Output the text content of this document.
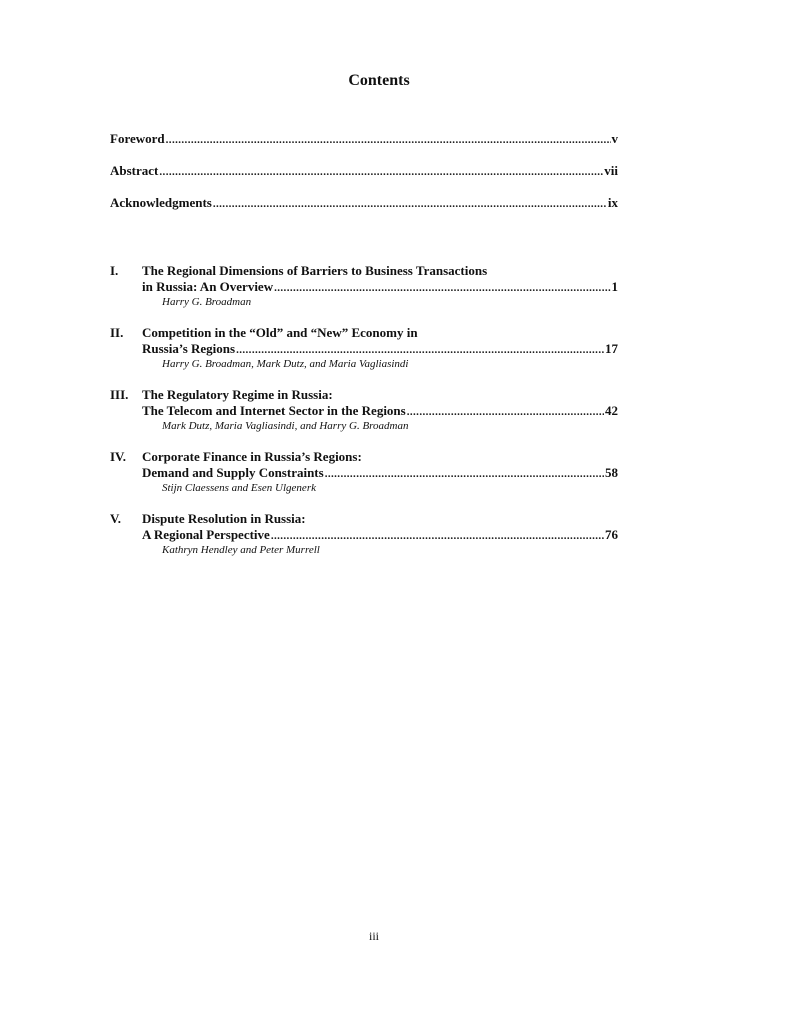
Contents
Foreword .....	v
Abstract .....	vii
Acknowledgments .....	ix
I.	The Regional Dimensions of Barriers to Business Transactions
in Russia: An Overview .....	1
Harry G. Broadman
II.	Competition in the “Old” and “New” Economy in
Russia’s Regions .....	17
Harry G. Broadman, Mark Dutz, and Maria Vagliasindi
III.	The Regulatory Regime in Russia:
The Telecom and Internet Sector in the Regions .....	42
Mark Dutz, Maria Vagliasindi, and Harry G. Broadman
IV.	Corporate Finance in Russia’s Regions:
Demand and Supply Constraints .....	58
Stijn Claessens and Esen Ulgenerk
V.	Dispute Resolution in Russia:
A Regional Perspective .....	76
Kathryn Hendley and Peter Murrell
iii
